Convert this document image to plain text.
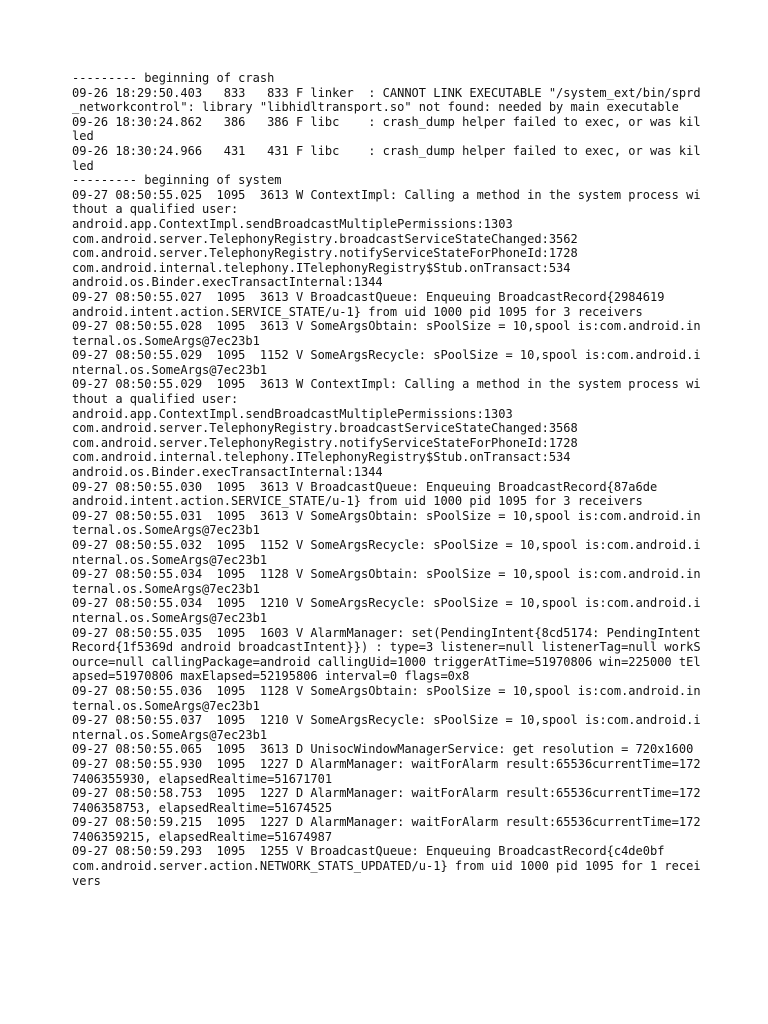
--------- beginning of crash
09-26 18:29:50.403   833   833 F linker  : CANNOT LINK EXECUTABLE "/system_ext/bin/sprd_networkcontrol": library "libhidltransport.so" not found: needed by main executable
09-26 18:30:24.862   386   386 F libc    : crash_dump helper failed to exec, or was killed
09-26 18:30:24.966   431   431 F libc    : crash_dump helper failed to exec, or was killed
--------- beginning of system
09-27 08:50:55.025  1095  3613 W ContextImpl: Calling a method in the system process without a qualified user:
android.app.ContextImpl.sendBroadcastMultiplePermissions:1303
com.android.server.TelephonyRegistry.broadcastServiceStateChanged:3562
com.android.server.TelephonyRegistry.notifyServiceStateForPhoneId:1728
com.android.internal.telephony.ITelephonyRegistry$Stub.onTransact:534
android.os.Binder.execTransactInternal:1344
09-27 08:50:55.027  1095  3613 V BroadcastQueue: Enqueuing BroadcastRecord{2984619
android.intent.action.SERVICE_STATE/u-1} from uid 1000 pid 1095 for 3 receivers
09-27 08:50:55.028  1095  3613 V SomeArgsObtain: sPoolSize = 10,spool is:com.android.internal.os.SomeArgs@7ec23b1
09-27 08:50:55.029  1095  1152 V SomeArgsRecycle: sPoolSize = 10,spool is:com.android.internal.os.SomeArgs@7ec23b1
09-27 08:50:55.029  1095  3613 W ContextImpl: Calling a method in the system process without a qualified user:
android.app.ContextImpl.sendBroadcastMultiplePermissions:1303
com.android.server.TelephonyRegistry.broadcastServiceStateChanged:3568
com.android.server.TelephonyRegistry.notifyServiceStateForPhoneId:1728
com.android.internal.telephony.ITelephonyRegistry$Stub.onTransact:534
android.os.Binder.execTransactInternal:1344
09-27 08:50:55.030  1095  3613 V BroadcastQueue: Enqueuing BroadcastRecord{87a6de
android.intent.action.SERVICE_STATE/u-1} from uid 1000 pid 1095 for 3 receivers
09-27 08:50:55.031  1095  3613 V SomeArgsObtain: sPoolSize = 10,spool is:com.android.internal.os.SomeArgs@7ec23b1
09-27 08:50:55.032  1095  1152 V SomeArgsRecycle: sPoolSize = 10,spool is:com.android.internal.os.SomeArgs@7ec23b1
09-27 08:50:55.034  1095  1128 V SomeArgsObtain: sPoolSize = 10,spool is:com.android.internal.os.SomeArgs@7ec23b1
09-27 08:50:55.034  1095  1210 V SomeArgsRecycle: sPoolSize = 10,spool is:com.android.internal.os.SomeArgs@7ec23b1
09-27 08:50:55.035  1095  1603 V AlarmManager: set(PendingIntent{8cd5174: PendingIntentRecord{1f5369d android broadcastIntent}}) : type=3 listener=null listenerTag=null workSource=null callingPackage=android callingUid=1000 triggerAtTime=51970806 win=225000 tElapsed=51970806 maxElapsed=52195806 interval=0 flags=0x8
09-27 08:50:55.036  1095  1128 V SomeArgsObtain: sPoolSize = 10,spool is:com.android.internal.os.SomeArgs@7ec23b1
09-27 08:50:55.037  1095  1210 V SomeArgsRecycle: sPoolSize = 10,spool is:com.android.internal.os.SomeArgs@7ec23b1
09-27 08:50:55.065  1095  3613 D UnisocWindowManagerService: get resolution = 720x1600
09-27 08:50:55.930  1095  1227 D AlarmManager: waitForAlarm result:65536currentTime=1727406355930, elapsedRealtime=51671701
09-27 08:50:58.753  1095  1227 D AlarmManager: waitForAlarm result:65536currentTime=1727406358753, elapsedRealtime=51674525
09-27 08:50:59.215  1095  1227 D AlarmManager: waitForAlarm result:65536currentTime=1727406359215, elapsedRealtime=51674987
09-27 08:50:59.293  1095  1255 V BroadcastQueue: Enqueuing BroadcastRecord{c4de0bf
com.android.server.action.NETWORK_STATS_UPDATED/u-1} from uid 1000 pid 1095 for 1 receivers
